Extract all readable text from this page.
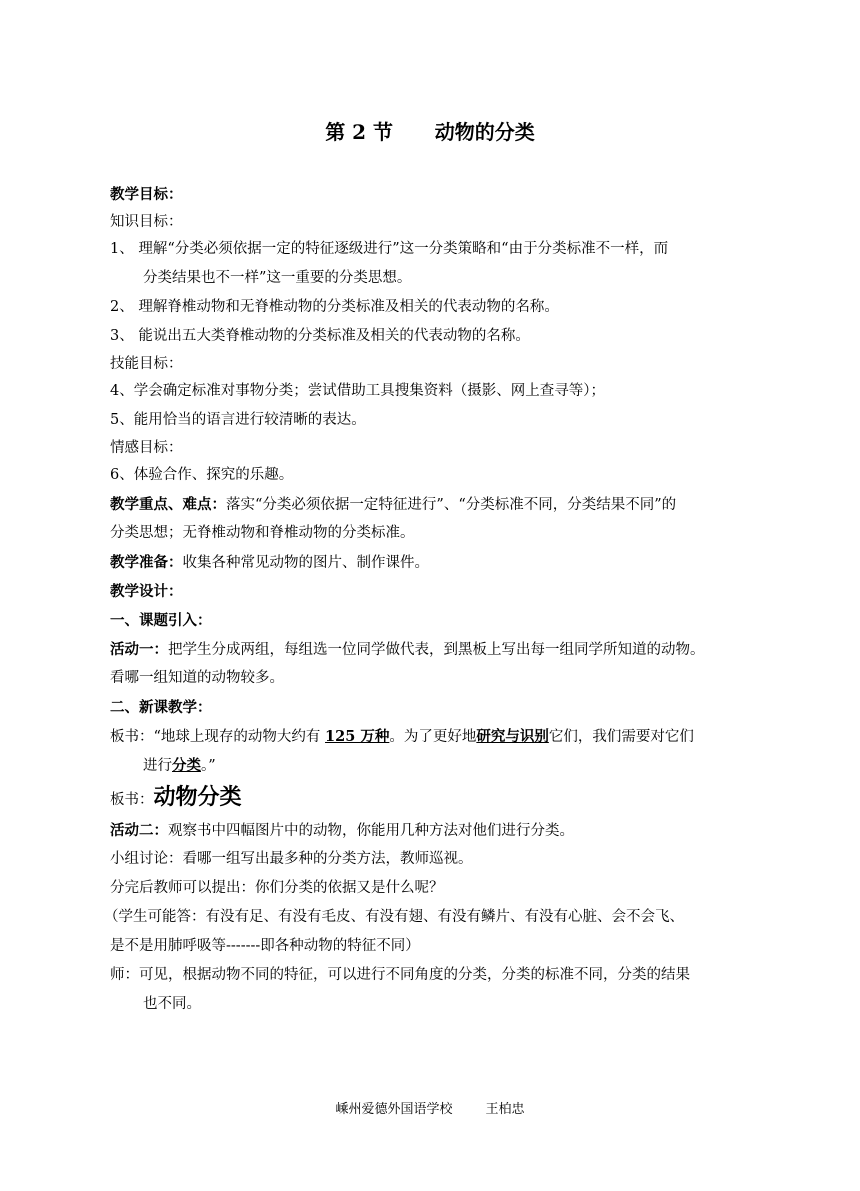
第 2 节      动物的分类
教学目标：
知识目标：
1、 理解“分类必须依据一定的特征逐级进行”这一分类策略和“由于分类标准不一样，而
分类结果也不一样”这一重要的分类思想。
2、 理解脊椎动物和无脊椎动物的分类标准及相关的代表动物的名称。
3、 能说出五大类脊椎动物的分类标准及相关的代表动物的名称。
技能目标：
4、学会确定标准对事物分类；尝试借助工具搜集资料（摄影、网上查寻等）；
5、能用恰当的语言进行较清晰的表达。
情感目标：
6、体验合作、探究的乐趣。
教学重点、难点：落实“分类必须依据一定特征进行”、“分类标准不同，分类结果不同”的
分类思想；无脊椎动物和脊椎动物的分类标准。
教学准备：收集各种常见动物的图片、制作课件。
教学设计：
一、课题引入：
活动一：把学生分成两组，每组选一位同学做代表，到黑板上写出每一组同学所知道的动物。
看哪一组知道的动物较多。
二、新课教学：
板书：“地球上现存的动物大约有 125 万种。为了更好地研究与识别它们，我们需要对它们
进行分类。”
板书：动物分类
活动二：观察书中四幅图片中的动物，你能用几种方法对他们进行分类。
小组讨论：看哪一组写出最多种的分类方法，教师巡视。
分完后教师可以提出：你们分类的依据又是什么呢？
（学生可能答：有没有足、有没有毛皮、有没有翅、有没有鳞片、有没有心脏、会不会飞、
是不是用肺呼吸等-------即各种动物的特征不同）
师：可见，根据动物不同的特征，可以进行不同角度的分类，分类的标准不同，分类的结果
也不同。
嵊州爱德外国语学校        王柏忠
